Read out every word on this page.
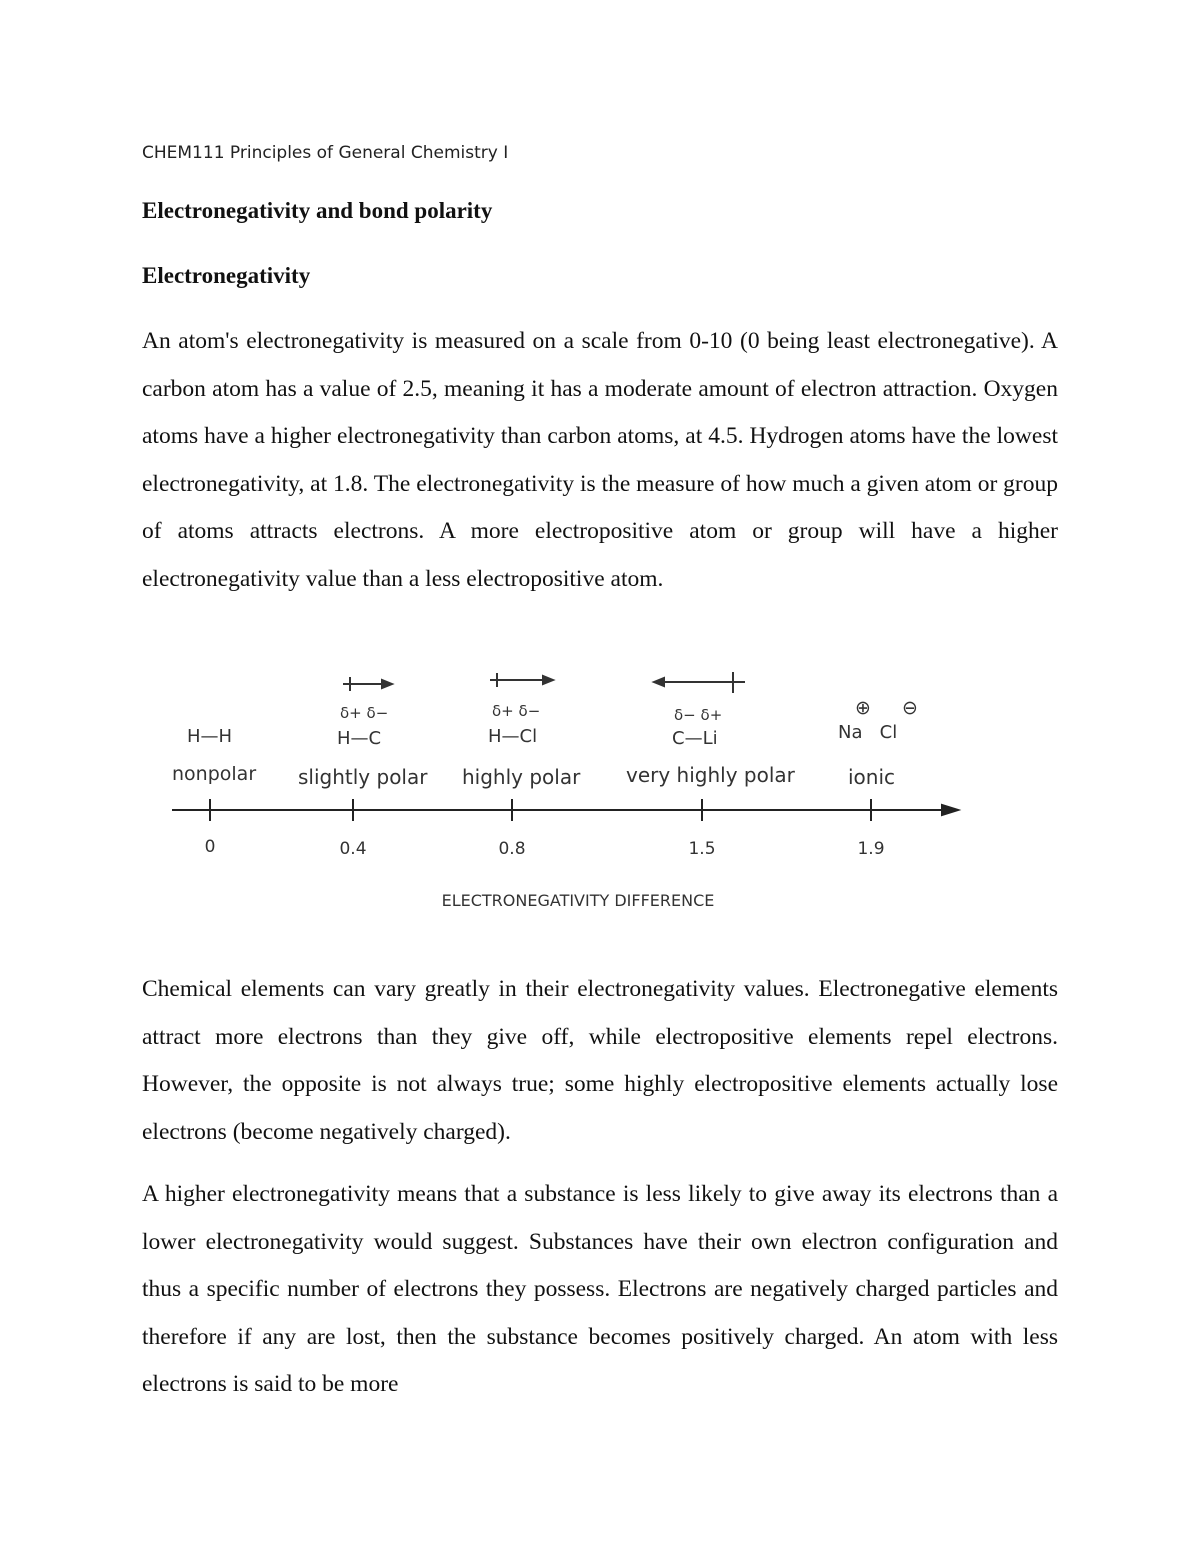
CHEM111 Principles of General Chemistry I
Electronegativity and bond polarity
Electronegativity

An atom's electronegativity is measured on a scale from 0-10 (0 being least electronegative). A carbon atom has a value of 2.5, meaning it has a moderate amount of electron attraction. Oxygen atoms have a higher electronegativity than carbon atoms, at 4.5. Hydrogen atoms have the lowest electronegativity, at 1.8. The electronegativity is the measure of how much a given atom or group of atoms attracts electrons. A more electropositive atom or group will have a higher electronegativity value than a less electropositive atom.

δ+ δ−	δ+ δ−	δ− δ+	⊕ ⊖
H—H	H—C	H—Cl	C—Li	Na   Cl
nonpolar slightly polar highly polar very highly polar	ionic
0	0.4	0.8	1.5	1.9
ELECTRONEGATIVITY DIFFERENCE

Chemical elements can vary greatly in their electronegativity values. Electronegative elements attract more electrons than they give off, while electropositive elements repel electrons. However, the opposite is not always true; some highly electropositive elements actually lose electrons (become negatively charged).

A higher electronegativity means that a substance is less likely to give away its electrons than a lower electronegativity would suggest. Substances have their own electron configuration and thus a specific number of electrons they possess. Electrons are negatively charged particles and therefore if any are lost, then the substance becomes positively charged. An atom with less electrons is said to be more
